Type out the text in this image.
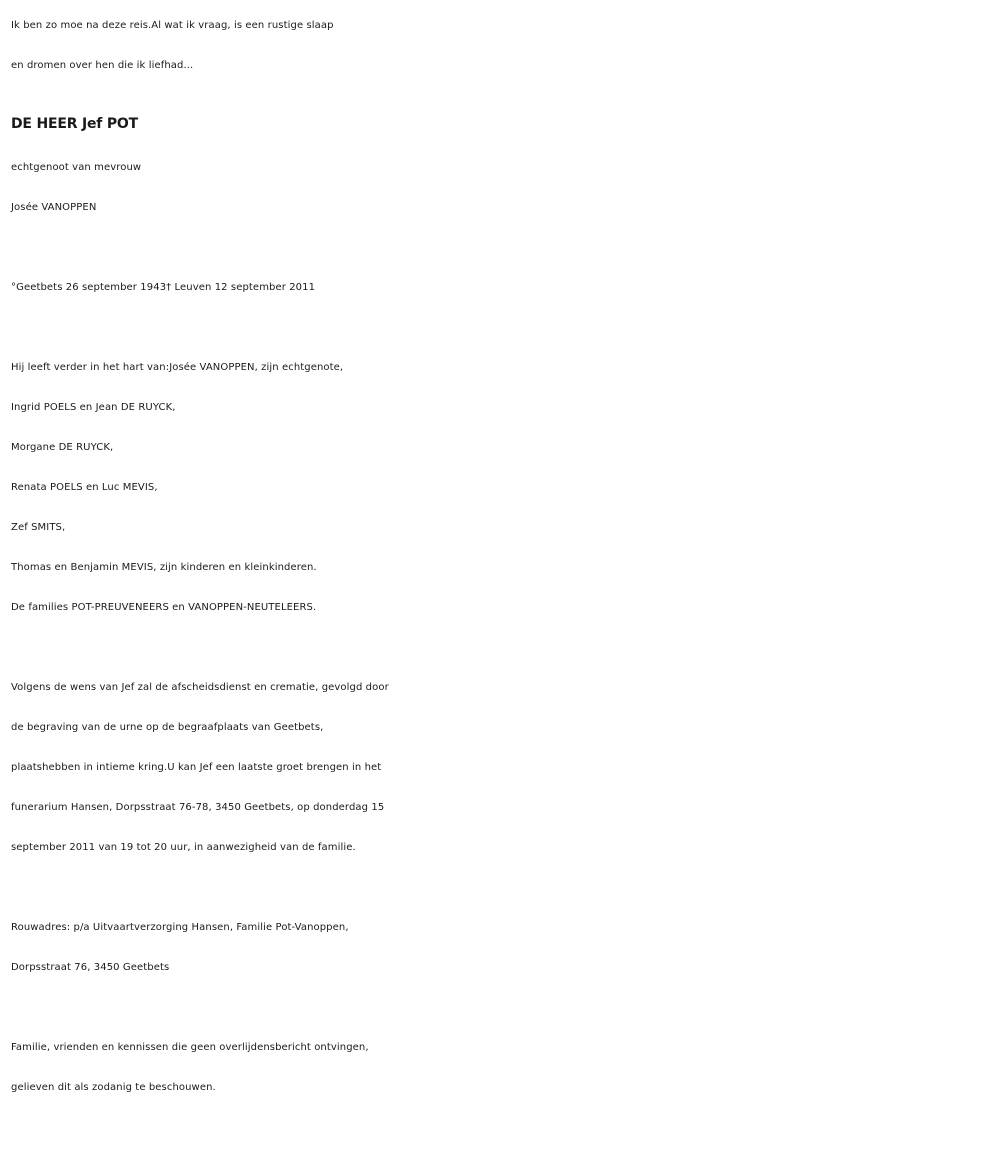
Ik ben zo moe na deze reis.Al wat ik vraag, is een rustige slaap
en dromen over hen die ik liefhad...
DE HEER Jef POT
echtgenoot van mevrouw
Josée VANOPPEN
°Geetbets 26 september 1943† Leuven 12 september 2011
Hij leeft verder in het hart van:Josée VANOPPEN, zijn echtgenote,
Ingrid POELS en Jean DE RUYCK,
Morgane DE RUYCK,
Renata POELS en Luc MEVIS,
Zef SMITS,
Thomas en Benjamin MEVIS, zijn kinderen en kleinkinderen.
De families POT-PREUVENEERS en VANOPPEN-NEUTELEERS.
Volgens de wens van Jef zal de afscheidsdienst en crematie, gevolgd door
de begraving van de urne op de begraafplaats van Geetbets,
plaatshebben in intieme kring.U kan Jef een laatste groet brengen in het
funerarium Hansen, Dorpsstraat 76-78, 3450 Geetbets, op donderdag 15
september 2011 van 19 tot 20 uur, in aanwezigheid van de familie.
Rouwadres: p/a Uitvaartverzorging Hansen, Familie Pot-Vanoppen,
Dorpsstraat 76, 3450 Geetbets
Familie, vrienden en kennissen die geen overlijdensbericht ontvingen,
gelieven dit als zodanig te beschouwen.
